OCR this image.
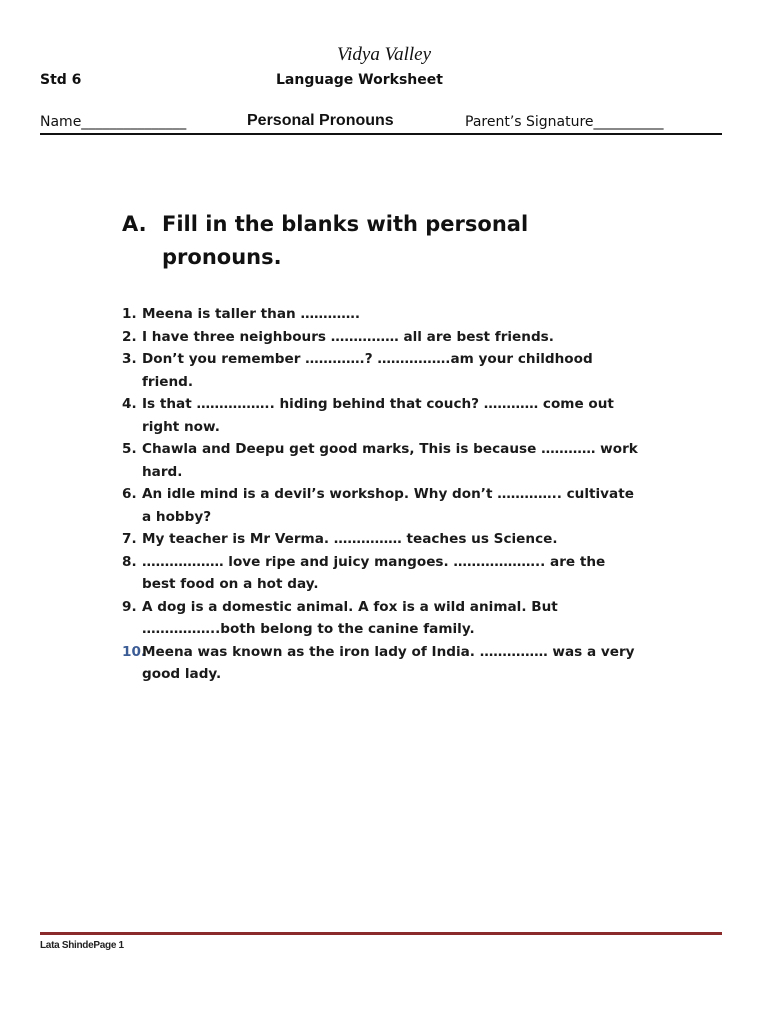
Vidya Valley
Std 6	Language Worksheet
Name_______________	Personal Pronouns	Parent’s Signature__________
A. Fill in the blanks with personal
pronouns.
1. Meena is taller than ………….
2. I have three neighbours …………… all are best friends.
3. Don’t you remember ………….? …………….am your childhood friend.
4. Is that …………….. hiding behind that couch? ………… come out right now.
5. Chawla and Deepu get good marks, This is because ………… work hard.
6. An idle mind is a devil’s workshop. Why don’t ………….. cultivate a hobby?
7. My teacher is Mr Verma. …………… teaches us Science.
8. ……………… love ripe and juicy mangoes. ……………….. are the best food on a hot day.
9. A dog is a domestic animal. A fox is a wild animal. But ……………..both belong to the canine family.
10.
Meena was known as the iron lady of India. …………… was a very good lady.
Lata ShindePage 1
